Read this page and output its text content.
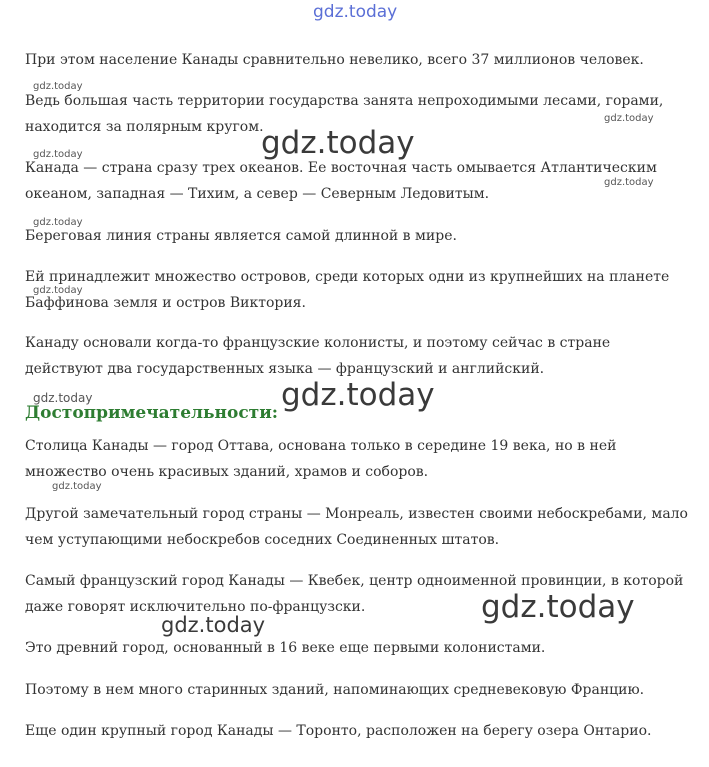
gdz.today

При этом население Канады сравнительно невелико, всего 37 миллионов человек.

gdz.today

Ведь большая часть территории государства занята непроходимыми лесами, горами, находится за полярным кругом.

gdz.today
gdz.today
gdz.today

Канада — страна сразу трех океанов. Ее восточная часть омывается Атлантическим океаном, западная — Тихим, а север — Северным Ледовитым.

gdz.today
gdz.today

Береговая линия страны является самой длинной в мире.

Ей принадлежит множество островов, среди которых одни из крупнейших на планете Баффинова земля и остров Виктория.

gdz.today

Канаду основали когда-то французские колонисты, и поэтому сейчас в стране действуют два государственных языка — французский и английский.

gdz.today	gdz.today
Достопримечательности:

Столица Канады — город Оттава, основана только в середине 19 века, но в ней множество очень красивых зданий, храмов и соборов.

gdz.today

Другой замечательный город страны — Монреаль, известен своими небоскребами, мало чем уступающими небоскребов соседних Соединенных штатов.

Самый французский город Канады — Квебек, центр одноименной провинции, в которой даже говорят исключительно по-французски.	gdz.today
gdz.today

Это древний город, основанный в 16 веке еще первыми колонистами.

Поэтому в нем много старинных зданий, напоминающих средневековую Францию.

Еще один крупный город Канады — Торонто, расположен на берегу озера Онтарио.
